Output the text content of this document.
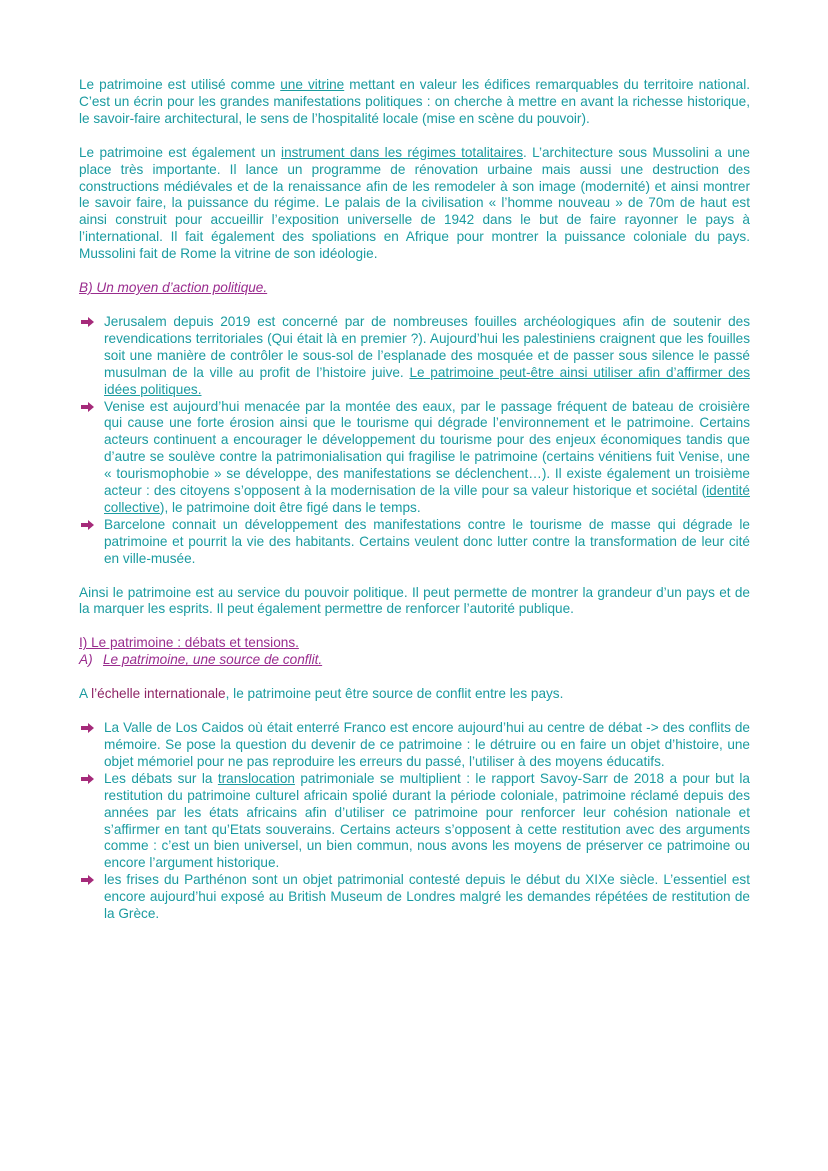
Le patrimoine est utilisé comme une vitrine mettant en valeur les édifices remarquables du territoire national. C’est un écrin pour les grandes manifestations politiques : on cherche à mettre en avant la richesse historique, le savoir-faire architectural, le sens de l’hospitalité locale (mise en scène du pouvoir).

Le patrimoine est également un instrument dans les régimes totalitaires. L’architecture sous Mussolini a une place très importante. Il lance un programme de rénovation urbaine mais aussi une destruction des constructions médiévales et de la renaissance afin de les remodeler à son image (modernité) et ainsi montrer le savoir faire, la puissance du régime. Le palais de la civilisation « l’homme nouveau » de 70m de haut est ainsi construit pour accueillir l’exposition universelle de 1942 dans le but de faire rayonner le pays à l’international. Il fait également des spoliations en Afrique pour montrer la puissance coloniale du pays. Mussolini fait de Rome la vitrine de son idéologie.

B) Un moyen d’action politique.

Jerusalem depuis 2019 est concerné par de nombreuses fouilles archéologiques afin de soutenir des revendications territoriales (Qui était là en premier ?). Aujourd’hui les palestiniens craignent que les fouilles soit une manière de contrôler le sous-sol de l’esplanade des mosquée et de passer sous silence le passé musulman de la ville au profit de l’histoire juive. Le patrimoine peut-être ainsi utiliser afin d’affirmer des idées politiques.
Venise est aujourd’hui menacée par la montée des eaux, par le passage fréquent de bateau de croisière qui cause une forte érosion ainsi que le tourisme qui dégrade l’environnement et le patrimoine. Certains acteurs continuent a encourager le développement du tourisme pour des enjeux économiques tandis que d’autre se soulève contre la patrimonialisation qui fragilise le patrimoine (certains vénitiens fuit Venise, une « tourismophobie » se développe, des manifestations se déclenchent…). Il existe également un troisième acteur : des citoyens s’opposent à la modernisation de la ville pour sa valeur historique et sociétal (identité collective), le patrimoine doit être figé dans le temps.
Barcelone connait un développement des manifestations contre le tourisme de masse qui dégrade le patrimoine et pourrit la vie des habitants. Certains veulent donc lutter contre la transformation de leur cité en ville-musée.

Ainsi le patrimoine est au service du pouvoir politique. Il peut permette de montrer la grandeur d’un pays et de la marquer les esprits. Il peut également permettre de renforcer l’autorité publique.

I) Le patrimoine : débats et tensions.

A) Le patrimoine, une source de conflit.

A l’échelle internationale, le patrimoine peut être source de conflit entre les pays.

La Valle de Los Caidos où était enterré Franco est encore aujourd’hui au centre de débat -> des conflits de mémoire. Se pose la question du devenir de ce patrimoine : le détruire ou en faire un objet d’histoire, une objet mémoriel pour ne pas reproduire les erreurs du passé, l’utiliser à des moyens éducatifs.
Les débats sur la translocation patrimoniale se multiplient : le rapport Savoy-Sarr de 2018 a pour but la restitution du patrimoine culturel africain spolié durant la période coloniale, patrimoine réclamé depuis des années par les états africains afin d’utiliser ce patrimoine pour renforcer leur cohésion nationale et s’affirmer en tant qu’Etats souverains. Certains acteurs s’opposent à cette restitution avec des arguments comme : c’est un bien universel, un bien commun, nous avons les moyens de préserver ce patrimoine ou encore l’argument historique.
les frises du Parthénon sont un objet patrimonial contesté depuis le début du XIXe siècle. L’essentiel est encore aujourd’hui exposé au British Museum de Londres malgré les demandes répétées de restitution de la Grèce.
